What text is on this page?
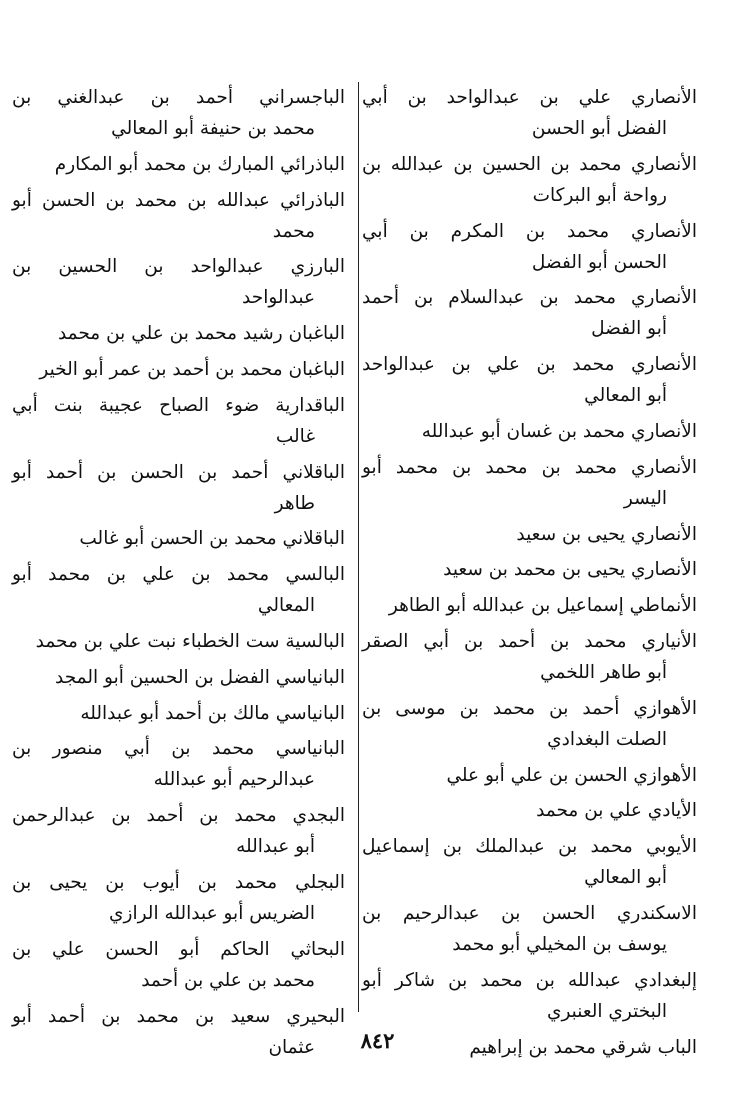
الأنصاري علي بن عبدالواحد بن أبي
الفضل أبو الحسن
الأنصاري محمد بن الحسين بن عبدالله بن
رواحة أبو البركات
الأنصاري محمد بن المكرم بن أبي
الحسن أبو الفضل
الأنصاري محمد بن عبدالسلام بن أحمد
أبو الفضل
الأنصاري محمد بن علي بن عبدالواحد
أبو المعالي
الأنصاري محمد بن غسان أبو عبدالله
الأنصاري محمد بن محمد بن محمد أبو
اليسر
الأنصاري يحيى بن سعيد
الأنصاري يحيى بن محمد بن سعيد
الأنماطي إسماعيل بن عبدالله أبو الطاهر
الأنياري محمد بن أحمد بن أبي الصقر
أبو طاهر اللخمي
الأهوازي أحمد بن محمد بن موسى بن
الصلت البغدادي
الأهوازي الحسن بن علي أبو علي
الأيادي علي بن محمد
الأيوبي محمد بن عبدالملك بن إسماعيل
أبو المعالي
الاسكندري الحسن بن عبدالرحيم بن
يوسف بن المخيلي أبو محمد
إلبغدادي عبدالله بن محمد بن شاكر أبو
البختري العنبري
الباب شرقي محمد بن إبراهيم
الباجسراني أحمد بن عبدالغني بن
محمد بن حنيفة أبو المعالي
الباذرائي المبارك بن محمد أبو المكارم
الباذرائي عبدالله بن محمد بن الحسن أبو
محمد
البارزي عبدالواحد بن الحسين بن
عبدالواحد
الباغبان رشيد محمد بن علي بن محمد
الباغبان محمد بن أحمد بن عمر أبو الخير
الباقدارية ضوء الصباح عجيبة بنت أبي
غالب
الباقلاني أحمد بن الحسن بن أحمد أبو
طاهر
الباقلاني محمد بن الحسن أبو غالب
البالسي محمد بن علي بن محمد أبو
المعالي
البالسية ست الخطباء نبت علي بن محمد
البانياسي الفضل بن الحسين أبو المجد
البانياسي مالك بن أحمد أبو عبدالله
البانياسي محمد بن أبي منصور بن
عبدالرحيم أبو عبدالله
البجدي محمد بن أحمد بن عبدالرحمن
أبو عبدالله
البجلي محمد بن أيوب بن يحيى بن
الضريس أبو عبدالله الرازي
البحاثي الحاكم أبو الحسن علي بن
محمد بن علي بن أحمد
البحيري سعيد بن محمد بن أحمد أبو
عثمان	٨٤٢
